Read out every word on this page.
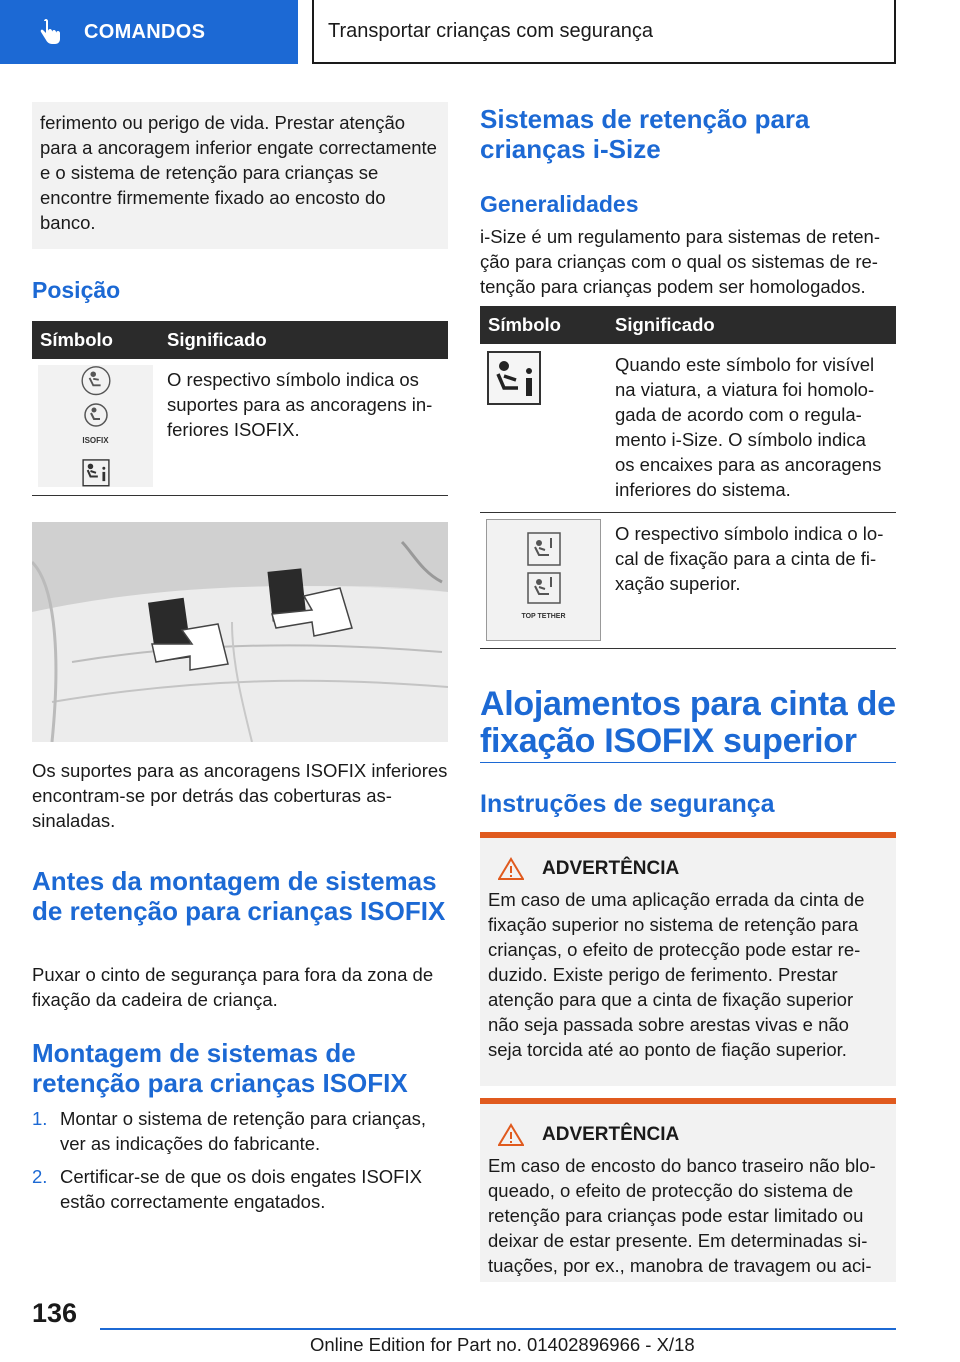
COMANDOS	Transportar crianças com segurança
ferimento ou perigo de vida. Prestar atenção para a ancoragem inferior engate correctamente e o sistema de retenção para crianças se encontre firmemente fixado ao encosto do banco.
Posição
Símbolo	Significado

ISOFIX	O respectivo símbolo indica os suportes para as ancoragens inferiores ISOFIX.
Os suportes para as ancoragens ISOFIX inferiores encontram-se por detrás das coberturas assinaladas.
Antes da montagem de sistemas de retenção para crianças ISOFIX
Puxar o cinto de segurança para fora da zona de fixação da cadeira de criança.
Montagem de sistemas de retenção para crianças ISOFIX
1. Montar o sistema de retenção para crianças, ver as indicações do fabricante.
2. Certificar-se de que os dois engates ISOFIX estão correctamente engatados.
Sistemas de retenção para crianças i-Size
Generalidades
i-Size é um regulamento para sistemas de retenção para crianças com o qual os sistemas de retenção para crianças podem ser homologados.
Símbolo	Significado
	Quando este símbolo for visível na viatura, a viatura foi homologada de acordo com o regulamento i-Size. O símbolo indica os encaixes para as ancoragens inferiores do sistema.

TOP TETHER	O respectivo símbolo indica o local de fixação para a cinta de fixação superior.
Alojamentos para cinta de fixação ISOFIX superior
Instruções de segurança
ADVERTÊNCIA
Em caso de uma aplicação errada da cinta de fixação superior no sistema de retenção para crianças, o efeito de protecção pode estar reduzido. Existe perigo de ferimento. Prestar atenção para que a cinta de fixação superior não seja passada sobre arestas vivas e não seja torcida até ao ponto de fiação superior.
ADVERTÊNCIA
Em caso de encosto do banco traseiro não bloqueado, o efeito de protecção do sistema de retenção para crianças pode estar limitado ou deixar de estar presente. Em determinadas situações, por ex., manobra de travagem ou aci-
136
Online Edition for Part no. 01402896966 - X/18
